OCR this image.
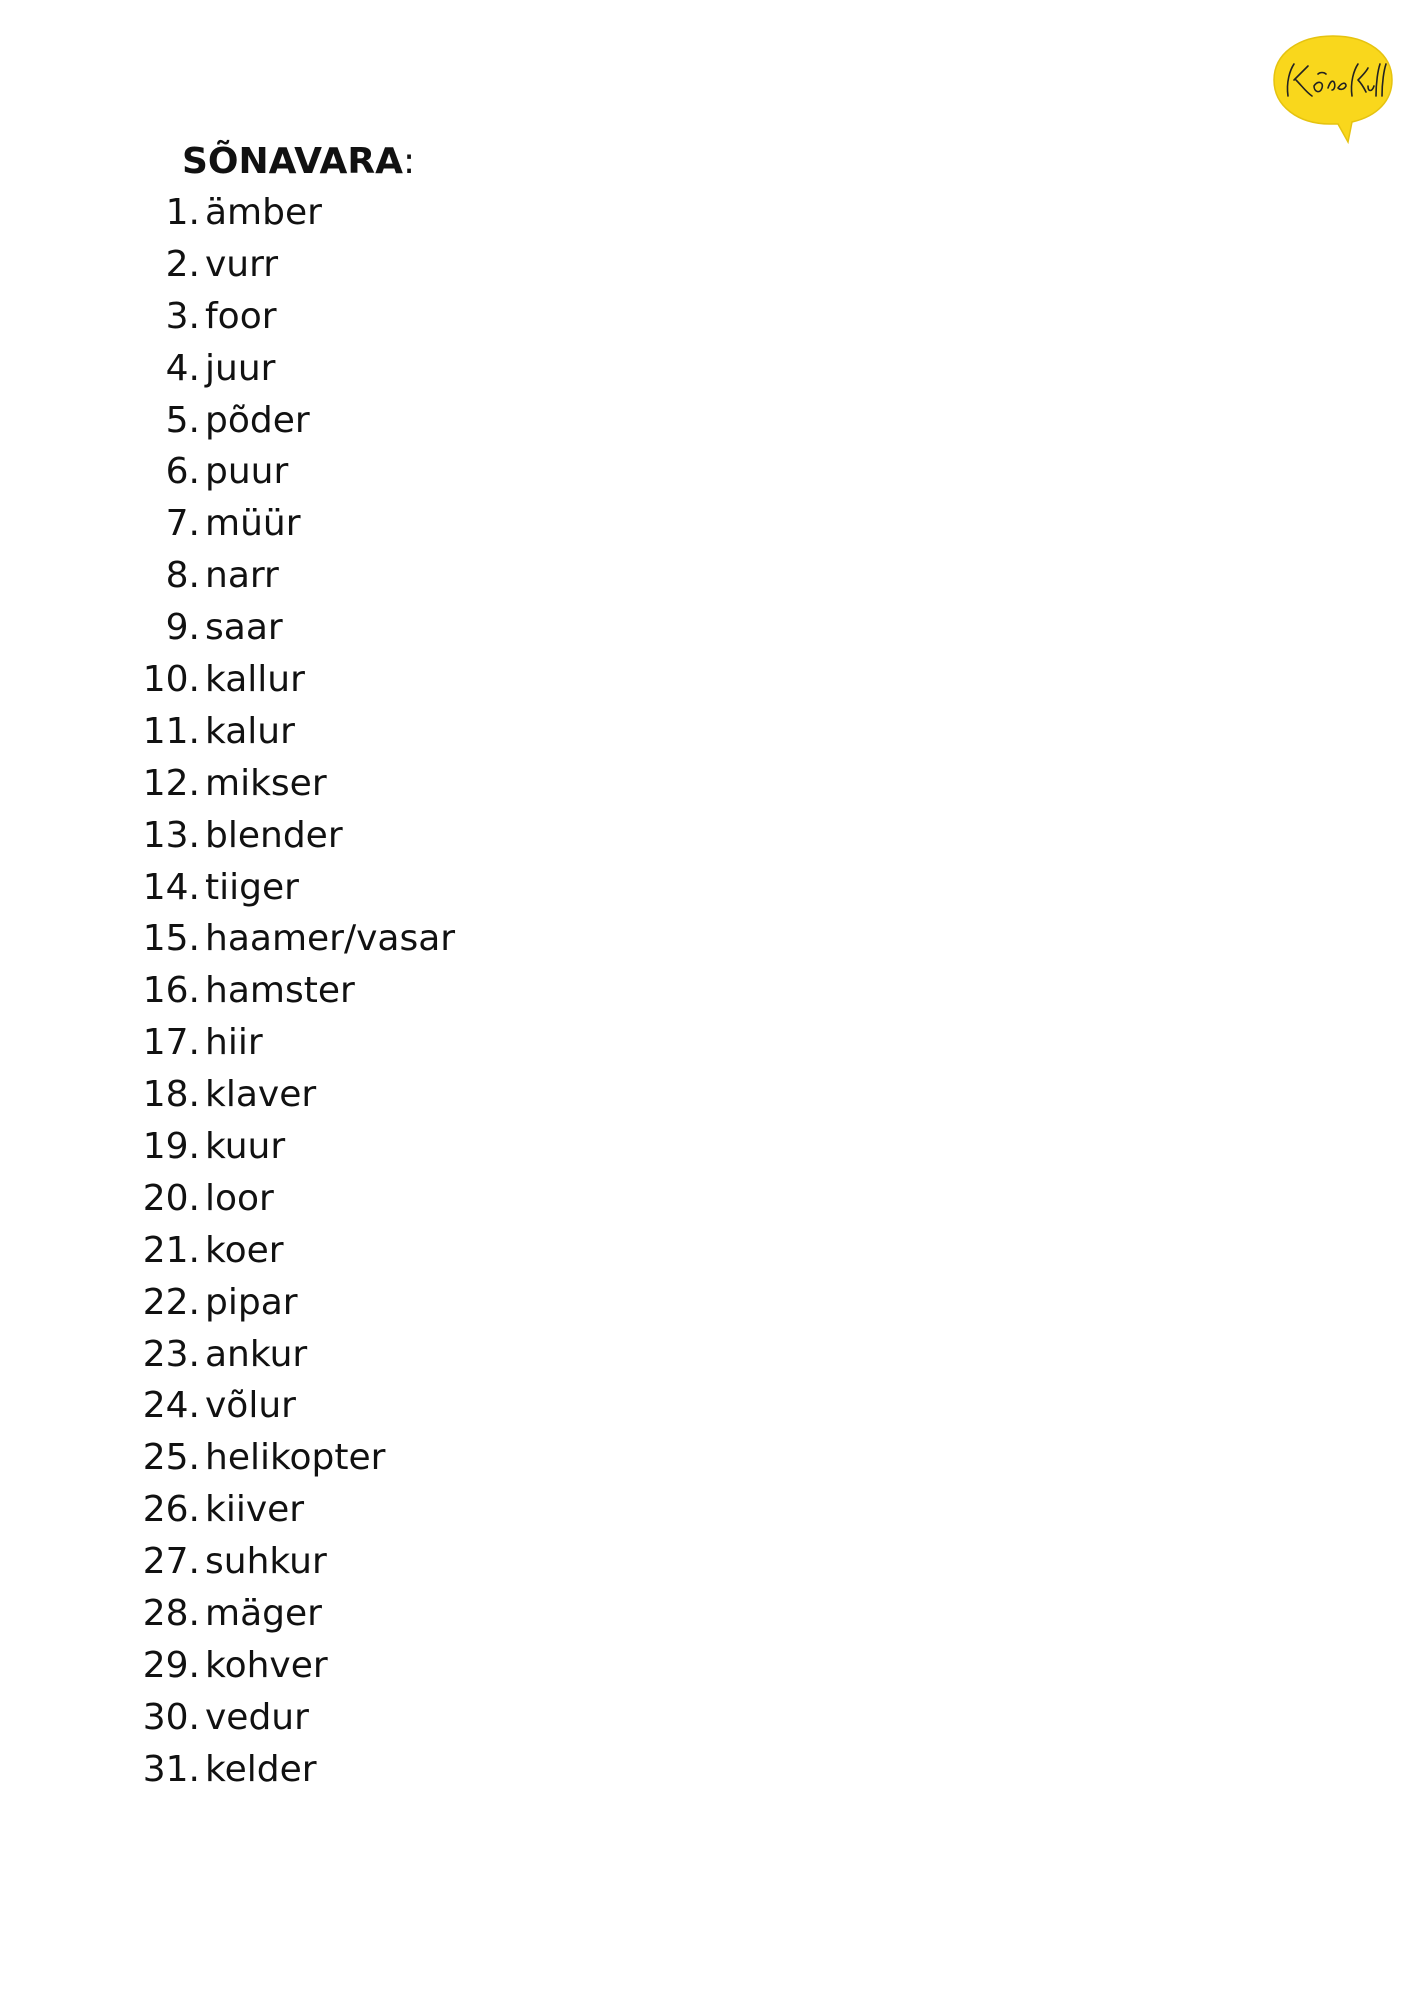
SÕNAVARA:
1. ämber
2. vurr
3. foor
4. juur
5. põder
6. puur
7. müür
8. narr
9. saar
10. kallur
11. kalur
12. mikser
13. blender
14. tiiger
15. haamer/vasar
16. hamster
17. hiir
18. klaver
19. kuur
20. loor
21. koer
22. pipar
23. ankur
24. võlur
25. helikopter
26. kiiver
27. suhkur
28. mäger
29. kohver
30. vedur
31. kelder
